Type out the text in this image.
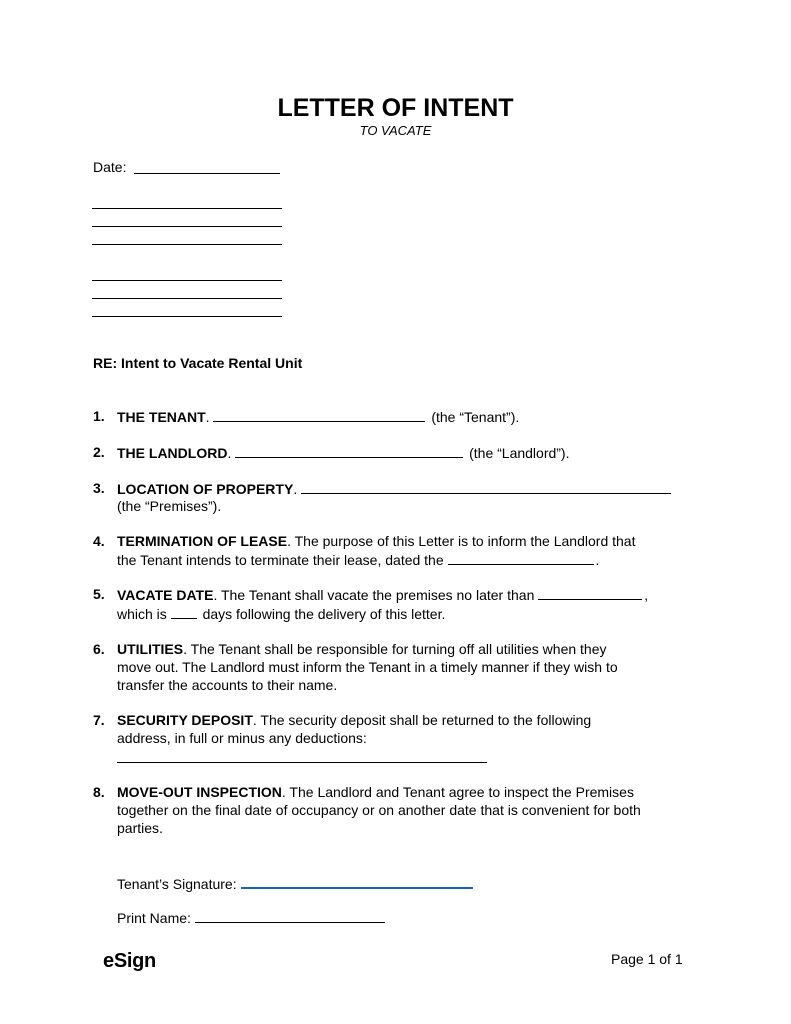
LETTER OF INTENT
TO VACATE
Date:
RE: Intent to Vacate Rental Unit
1. THE TENANT.	(the “Tenant”).
2. THE LANDLORD.	(the “Landlord”).
3. LOCATION OF PROPERTY.
(the “Premises”).
4. TERMINATION OF LEASE. The purpose of this Letter is to inform the Landlord that
the Tenant intends to terminate their lease, dated the	.
5. VACATE DATE. The Tenant shall vacate the premises no later than	,
which is	days following the delivery of this letter.
6. UTILITIES. The Tenant shall be responsible for turning off all utilities when they
move out. The Landlord must inform the Tenant in a timely manner if they wish to
transfer the accounts to their name.
7. SECURITY DEPOSIT. The security deposit shall be returned to the following
address, in full or minus any deductions:
8. MOVE-OUT INSPECTION. The Landlord and Tenant agree to inspect the Premises
together on the final date of occupancy or on another date that is convenient for both
parties.
Tenant’s Signature:
Print Name:
eSign	Page 1 of 1
